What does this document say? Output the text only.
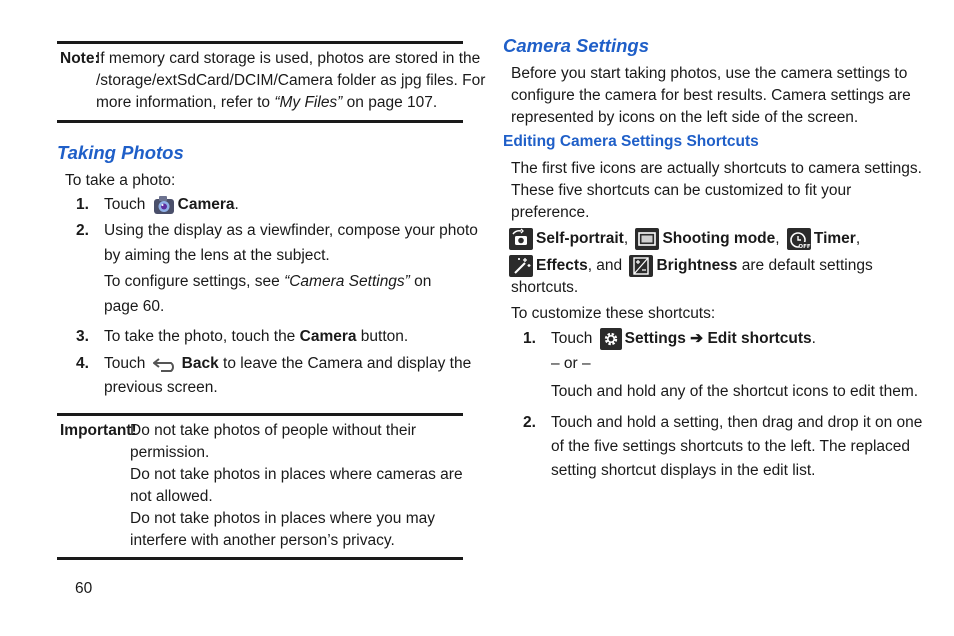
Note:
If memory card storage is used, photos are stored in the
/storage/extSdCard/DCIM/Camera folder as jpg files. For
more information, refer to “My Files” on page 107.
Taking Photos
To take a photo:
1. Touch
Camera.
2. Using the display as a viewfinder, compose your photo
by aiming the lens at the subject.
To configure settings, see “Camera Settings” on
page 60.
3. To take the photo, touch the Camera button.
4. Touch
Back to leave the Camera and display the
previous screen.
Important!
Do not take photos of people without their
permission.
Do not take photos in places where cameras are
not allowed.
Do not take photos in places where you may
interfere with another person’s privacy.
60
Camera Settings
Before you start taking photos, use the camera settings to
configure the camera for best results. Camera settings are
represented by icons on the left side of the screen.
Editing Camera Settings Shortcuts
The first five icons are actually shortcuts to camera settings.
These five shortcuts can be customized to fit your
preference.
Self-portrait, Shooting mode,	OFF Timer,
Effects, and
Brightness are default settings
shortcuts.
To customize these shortcuts:
1. Touch
Settings ➔ Edit shortcuts.
– or –
Touch and hold any of the shortcut icons to edit them.
2. Touch and hold a setting, then drag and drop it on one
of the five settings shortcuts to the left. The replaced
setting shortcut displays in the edit list.
